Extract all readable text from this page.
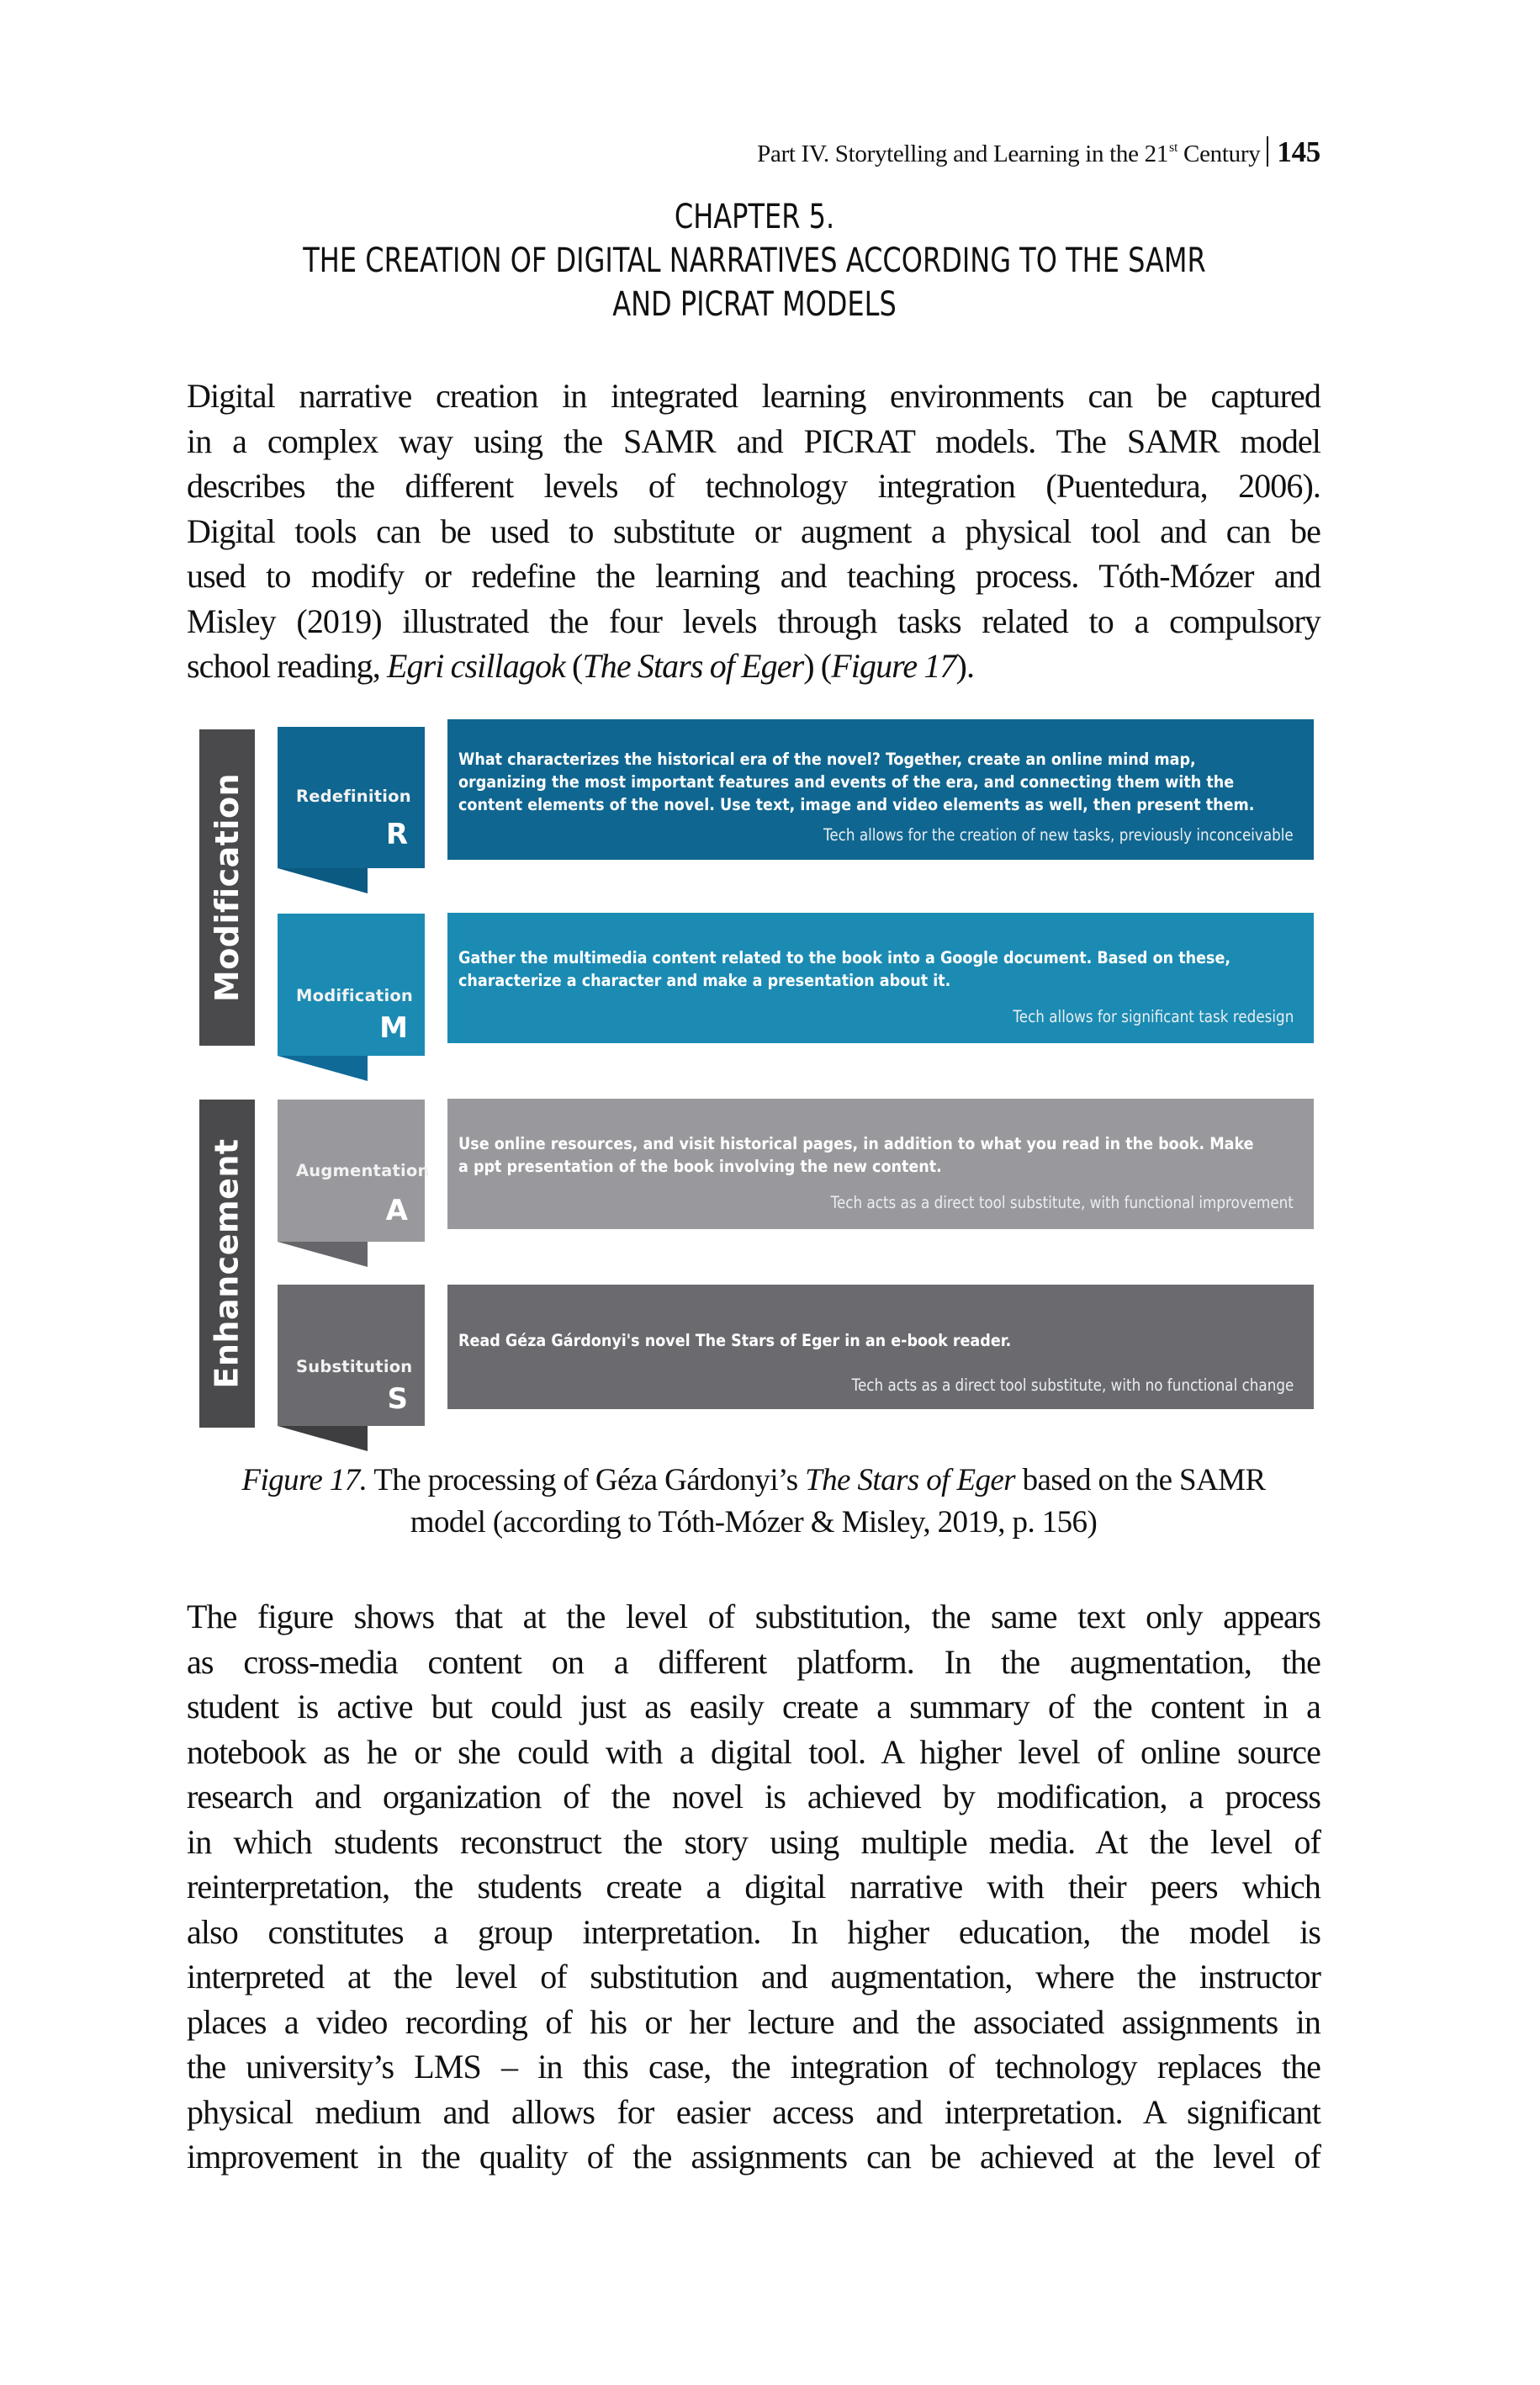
Part IV. Storytelling and Learning in the 21st Century 145
CHAPTER 5.
THE CREATION OF DIGITAL NARRATIVES ACCORDING TO THE SAMR
AND PICRAT MODELS
Digital narrative creation in integrated learning environments can be captured
in a complex way using the SAMR and PICRAT models. The SAMR model
describes the different levels of technology integration (Puentedura, 2006).
Digital tools can be used to substitute or augment a physical tool and can be
used to modify or redefine the learning and teaching process. Tóth-Mózer and
Misley (2019) illustrated the four levels through tasks related to a compulsory
school reading, Egri csillagok (The Stars of Eger) (Figure 17).
Modification
Enhancement
Redefinition
R
What characterizes the historical era of the novel? Together, create an online mind map,
organizing the most important features and events of the era, and connecting them with the
content elements of the novel. Use text, image and video elements as well, then present them.
Tech allows for the creation of new tasks, previously inconceivable
Modification
M
Gather the multimedia content related to the book into a Google document. Based on these,
characterize a character and make a presentation about it.
Tech allows for significant task redesign
Augmentation
A
Use online resources, and visit historical pages, in addition to what you read in the book. Make
a ppt presentation of the book involving the new content.
Tech acts as a direct tool substitute, with functional improvement
Substitution
S
Read Géza Gárdonyi's novel The Stars of Eger in an e-book reader.
Tech acts as a direct tool substitute, with no functional change
Figure 17. The processing of Géza Gárdonyi’s The Stars of Eger based on the SAMR
model (according to Tóth-Mózer & Misley, 2019, p. 156)
The figure shows that at the level of substitution, the same text only appears
as cross-media content on a different platform. In the augmentation, the
student is active but could just as easily create a summary of the content in a
notebook as he or she could with a digital tool. A higher level of online source
research and organization of the novel is achieved by modification, a process
in which students reconstruct the story using multiple media. At the level of
reinterpretation, the students create a digital narrative with their peers which
also constitutes a group interpretation. In higher education, the model is
interpreted at the level of substitution and augmentation, where the instructor
places a video recording of his or her lecture and the associated assignments in
the university’s LMS – in this case, the integration of technology replaces the
physical medium and allows for easier access and interpretation. A significant
improvement in the quality of the assignments can be achieved at the level of
